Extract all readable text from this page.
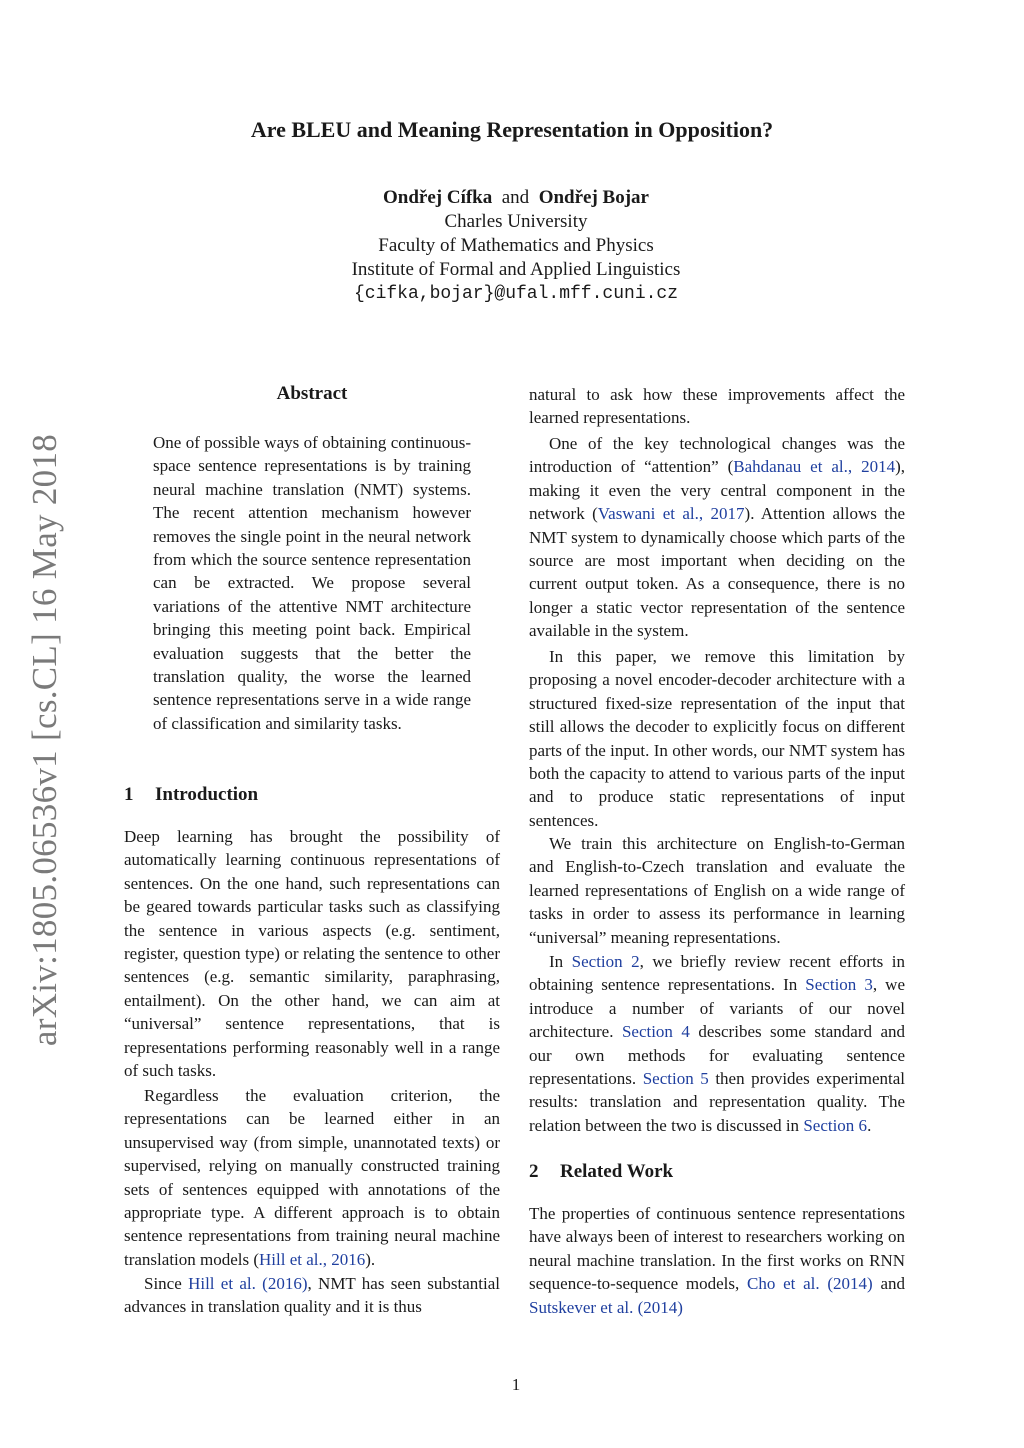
arXiv:1805.06536v1 [cs.CL] 16 May 2018
Are BLEU and Meaning Representation in Opposition?
Ondřej Cífka and Ondřej Bojar
Charles University
Faculty of Mathematics and Physics
Institute of Formal and Applied Linguistics
{cifka,bojar}@ufal.mff.cuni.cz
Abstract

One of possible ways of obtaining continuous-space sentence representations is by training neural machine translation (NMT) systems. The recent attention mechanism however removes the single point in the neural network from which the source sentence representation can be extracted. We propose several variations of the attentive NMT architecture bringing this meeting point back. Empirical evaluation suggests that the better the translation quality, the worse the learned sentence representations serve in a wide range of classification and similarity tasks.

1 Introduction

Deep learning has brought the possibility of automatically learning continuous representations of sentences. On the one hand, such representations can be geared towards particular tasks such as classifying the sentence in various aspects (e.g. sentiment, register, question type) or relating the sentence to other sentences (e.g. semantic similarity, paraphrasing, entailment). On the other hand, we can aim at “universal” sentence representations, that is representations performing reasonably well in a range of such tasks.

Regardless the evaluation criterion, the representations can be learned either in an unsupervised way (from simple, unannotated texts) or supervised, relying on manually constructed training sets of sentences equipped with annotations of the appropriate type. A different approach is to obtain sentence representations from training neural machine translation models (Hill et al., 2016).

Since Hill et al. (2016), NMT has seen substantial advances in translation quality and it is thus

natural to ask how these improvements affect the learned representations.

One of the key technological changes was the introduction of “attention” (Bahdanau et al., 2014), making it even the very central component in the network (Vaswani et al., 2017). Attention allows the NMT system to dynamically choose which parts of the source are most important when deciding on the current output token. As a consequence, there is no longer a static vector representation of the sentence available in the system.

In this paper, we remove this limitation by proposing a novel encoder-decoder architecture with a structured fixed-size representation of the input that still allows the decoder to explicitly focus on different parts of the input. In other words, our NMT system has both the capacity to attend to various parts of the input and to produce static representations of input sentences.

We train this architecture on English-to-German and English-to-Czech translation and evaluate the learned representations of English on a wide range of tasks in order to assess its performance in learning “universal” meaning representations.

In Section 2, we briefly review recent efforts in obtaining sentence representations. In Section 3, we introduce a number of variants of our novel architecture. Section 4 describes some standard and our own methods for evaluating sentence representations. Section 5 then provides experimental results: translation and representation quality. The relation between the two is discussed in Section 6.

2 Related Work

The properties of continuous sentence representations have always been of interest to researchers working on neural machine translation. In the first works on RNN sequence-to-sequence models, Cho et al. (2014) and Sutskever et al. (2014)

1
